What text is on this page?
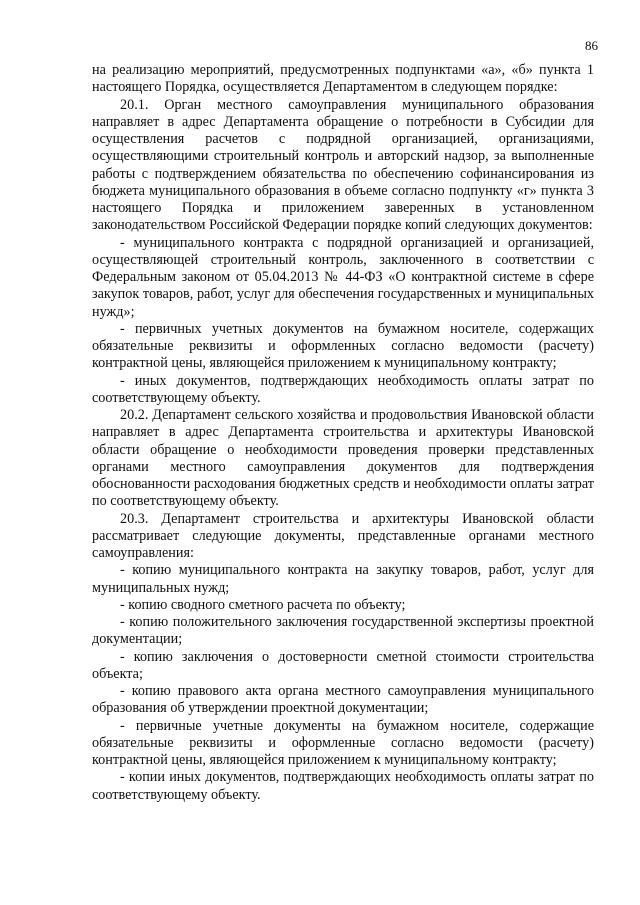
86

на реализацию мероприятий, предусмотренных подпунктами «а», «б» пункта 1 настоящего Порядка, осуществляется Департаментом в следующем порядке:

20.1. Орган местного самоуправления муниципального образования направляет в адрес Департамента обращение о потребности в Субсидии для осуществления расчетов с подрядной организацией, организациями, осуществляющими строительный контроль и авторский надзор, за выполненные работы с подтверждением обязательства по обеспечению софинансирования из бюджета муниципального образования в объеме согласно подпункту «г» пункта 3 настоящего Порядка и приложением заверенных в установленном законодательством Российской Федерации порядке копий следующих документов:

- муниципального контракта с подрядной организацией и организацией, осуществляющей строительный контроль, заключенного в соответствии с Федеральным законом от 05.04.2013 № 44-ФЗ «О контрактной системе в сфере закупок товаров, работ, услуг для обеспечения государственных и муниципальных нужд»;

- первичных учетных документов на бумажном носителе, содержащих обязательные реквизиты и оформленных согласно ведомости (расчету) контрактной цены, являющейся приложением к муниципальному контракту;

- иных документов, подтверждающих необходимость оплаты затрат по соответствующему объекту.

20.2. Департамент сельского хозяйства и продовольствия Ивановской области направляет в адрес Департамента строительства и архитектуры Ивановской области обращение о необходимости проведения проверки представленных органами местного самоуправления документов для подтверждения обоснованности расходования бюджетных средств и необходимости оплаты затрат по соответствующему объекту.

20.3. Департамент строительства и архитектуры Ивановской области рассматривает следующие документы, представленные органами местного самоуправления:

- копию муниципального контракта на закупку товаров, работ, услуг для муниципальных нужд;

- копию сводного сметного расчета по объекту;

- копию положительного заключения государственной экспертизы проектной документации;

- копию заключения о достоверности сметной стоимости строительства объекта;

- копию правового акта органа местного самоуправления муниципального образования об утверждении проектной документации;

- первичные учетные документы на бумажном носителе, содержащие обязательные реквизиты и оформленные согласно ведомости (расчету) контрактной цены, являющейся приложением к муниципальному контракту;

- копии иных документов, подтверждающих необходимость оплаты затрат по соответствующему объекту.
